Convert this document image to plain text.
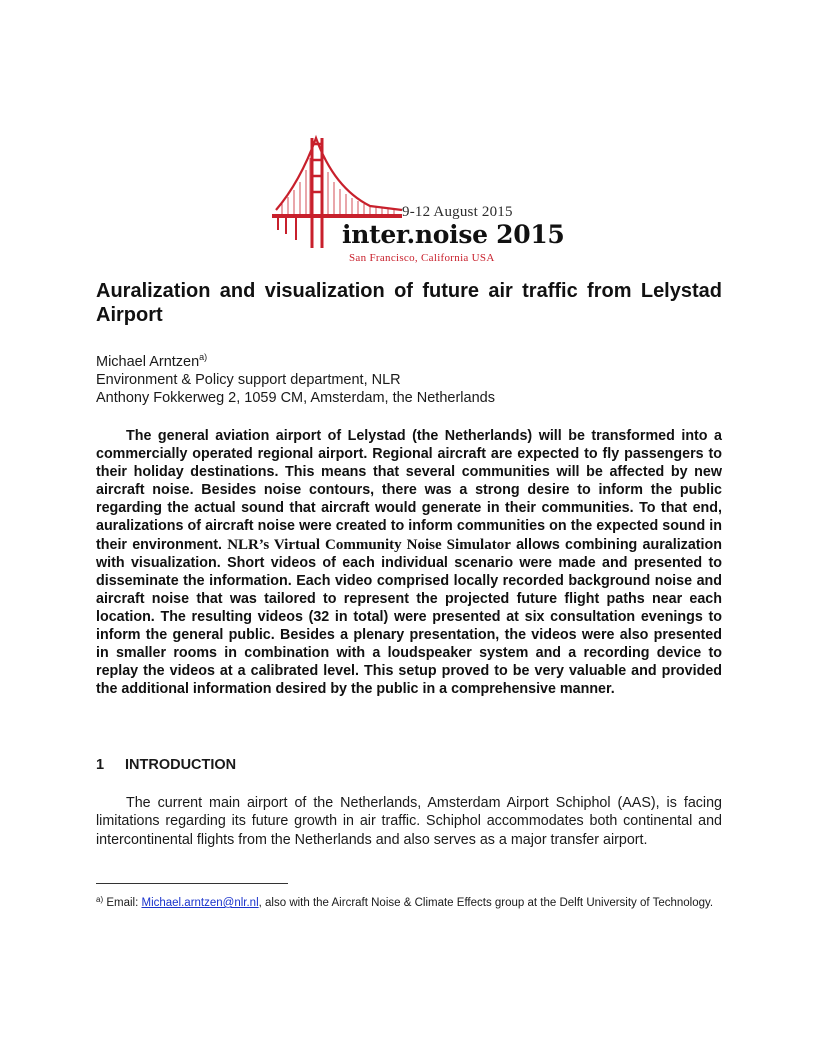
9-12 August 2015
inter.noise 2015
San Francisco, California USA
Auralization and visualization of future air traffic from Lelystad Airport
Michael Arntzen$^{a)}$
Environment & Policy support department, NLR
Anthony Fokkerweg 2, 1059 CM, Amsterdam, the Netherlands

The general aviation airport of Lelystad (the Netherlands) will be transformed into a commercially operated regional airport. Regional aircraft are expected to fly passengers to their holiday destinations. This means that several communities will be affected by new aircraft noise. Besides noise contours, there was a strong desire to inform the public regarding the actual sound that aircraft would generate in their communities. To that end, auralizations of aircraft noise were created to inform communities on the expected sound in their environment. NLR’s Virtual Community Noise Simulator allows combining auralization with visualization. Short videos of each individual scenario were made and presented to disseminate the information. Each video comprised locally recorded background noise and aircraft noise that was tailored to represent the projected future flight paths near each location. The resulting videos (32 in total) were presented at six consultation evenings to inform the general public. Besides a plenary presentation, the videos were also presented in smaller rooms in combination with a loudspeaker system and a recording device to replay the videos at a calibrated level. This setup proved to be very valuable and provided the additional information desired by the public in a comprehensive manner.

1 INTRODUCTION

The current main airport of the Netherlands, Amsterdam Airport Schiphol (AAS), is facing limitations regarding its future growth in air traffic. Schiphol accommodates both continental and intercontinental flights from the Netherlands and also serves as a major transfer airport.

$^{a)}$ Email: Michael.arntzen@nlr.nl, also with the Aircraft Noise & Climate Effects group at the Delft University of Technology.
